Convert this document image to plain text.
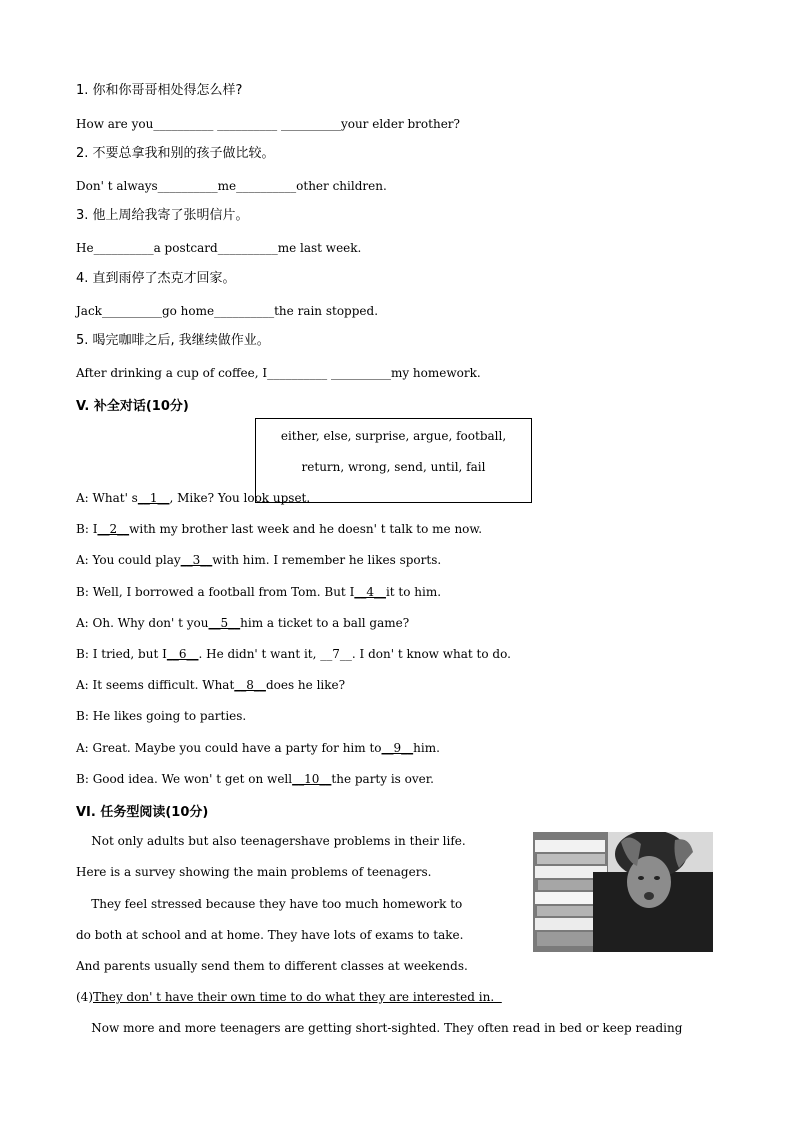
1. 你和你哥哥相处得怎么样?
How are you__________ __________ __________your elder brother?
2. 不要总拿我和别的孩子做比较。
Don' t always__________me__________other children.
3. 他上周给我寄了张明信片。
He__________a postcard__________me last week.
4. 直到雨停了杰克才回家。
Jack__________go home__________the rain stopped.
5. 喝完咖啡之后, 我继续做作业。
After drinking a cup of coffee, I__________ __________my homework.
V. 补全对话(10分)
either, else, surprise, argue, football,
return, wrong, send, until, fail
A: What' s__1__, Mike? You look upset.
B: I__2__with my brother last week and he doesn' t talk to me now.
A: You could play__3__with him. I remember he likes sports.
B: Well, I borrowed a football from Tom. But I__4__it to him.
A: Oh. Why don' t you__5__him a ticket to a ball game?
B: I tried, but I__6__. He didn' t want it, __7__. I don' t know what to do.
A: It seems difficult. What__8__does he like?
B: He likes going to parties.
A: Great. Maybe you could have a party for him to__9__him.
B: Good idea. We won' t get on well__10__the party is over.
VI. 任务型阅读(10分)
Not only adults but also teenagershave problems in their life.
Here is a survey showing the main problems of teenagers.
They feel stressed because they have too much homework to
do both at school and at home. They have lots of exams to take.
And parents usually send them to different classes at weekends.
(4)They don' t have their own time to do what they are interested in.
Now more and more teenagers are getting short-sighted. They often read in bed or keep reading
